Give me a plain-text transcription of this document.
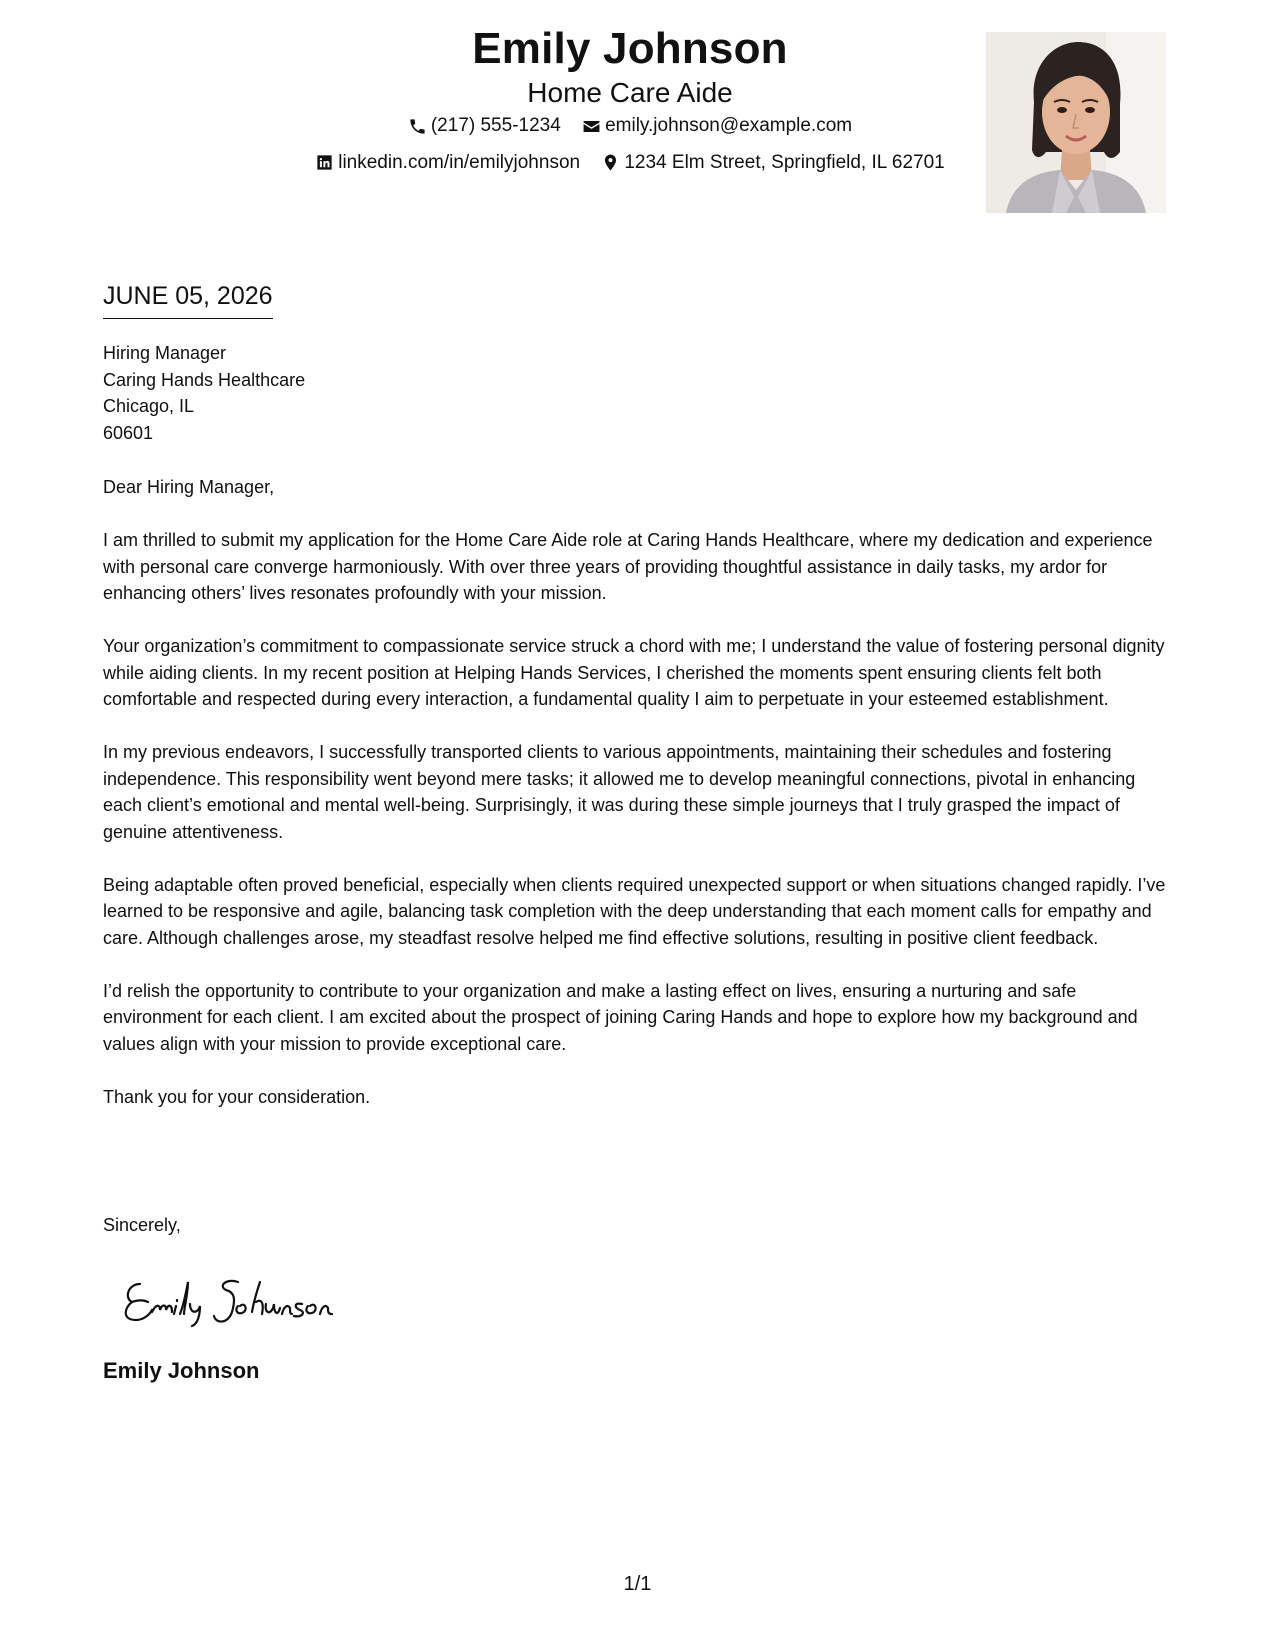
Emily Johnson
Home Care Aide
(217) 555-1234
emily.johnson@example.com
linkedin.com/in/emilyjohnson
1234 Elm Street, Springfield, IL 62701
JUNE 05, 2026
Hiring Manager
Caring Hands Healthcare
Chicago, IL
60601
Dear Hiring Manager,

I am thrilled to submit my application for the Home Care Aide role at Caring Hands Healthcare, where my dedication and experience with personal care converge harmoniously. With over three years of providing thoughtful assistance in daily tasks, my ardor for enhancing others’ lives resonates profoundly with your mission.

Your organization’s commitment to compassionate service struck a chord with me; I understand the value of fostering personal dignity while aiding clients. In my recent position at Helping Hands Services, I cherished the moments spent ensuring clients felt both comfortable and respected during every interaction, a fundamental quality I aim to perpetuate in your esteemed establishment.

In my previous endeavors, I successfully transported clients to various appointments, maintaining their schedules and fostering independence. This responsibility went beyond mere tasks; it allowed me to develop meaningful connections, pivotal in enhancing each client’s emotional and mental well-being. Surprisingly, it was during these simple journeys that I truly grasped the impact of genuine attentiveness.

Being adaptable often proved beneficial, especially when clients required unexpected support or when situations changed rapidly. I’ve learned to be responsive and agile, balancing task completion with the deep understanding that each moment calls for empathy and care. Although challenges arose, my steadfast resolve helped me find effective solutions, resulting in positive client feedback.

I’d relish the opportunity to contribute to your organization and make a lasting effect on lives, ensuring a nurturing and safe environment for each client. I am excited about the prospect of joining Caring Hands and hope to explore how my background and values align with your mission to provide exceptional care.

Thank you for your consideration.

Sincerely,
Emily Johnson
1/1
